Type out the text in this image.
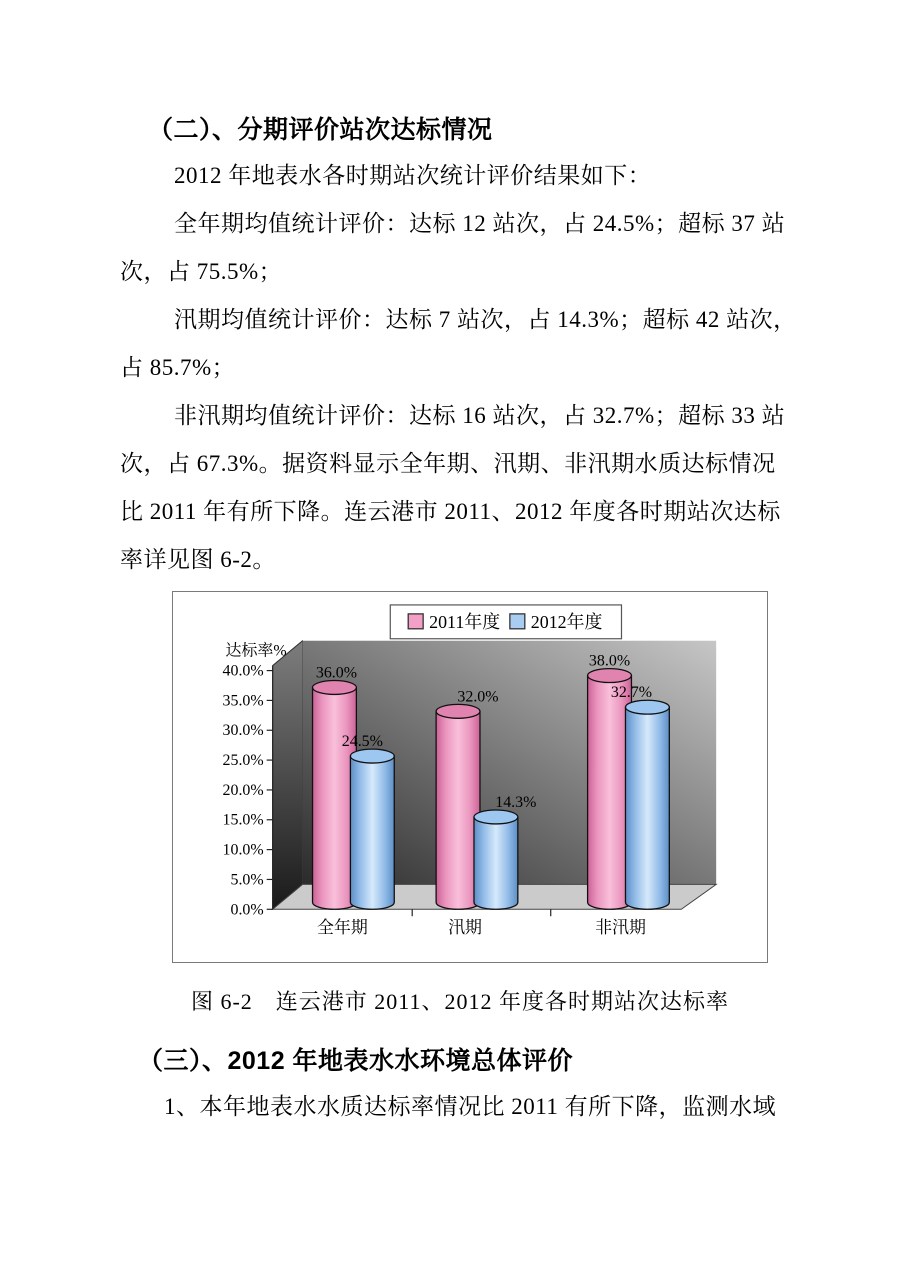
（二）、分期评价站次达标情况
2012 年地表水各时期站次统计评价结果如下：
全年期均值统计评价：达标 12 站次，占 24.5%；超标 37 站
次，占 75.5%；
汛期均值统计评价：达标 7 站次，占 14.3%；超标 42 站次，
占 85.7%；
非汛期均值统计评价：达标 16 站次，占 32.7%；超标 33 站
次，占 67.3%。据资料显示全年期、汛期、非汛期水质达标情况
比 2011 年有所下降。连云港市 2011、2012 年度各时期站次达标
率详见图 6-2。
0.0%
5.0%
10.0%
15.0%
20.0%
25.0%
30.0%
35.0%
40.0%
达标率%
全年期	汛期	非汛期
36.0%
24.5%
32.0%
14.3%
38.0%
32.7%
2011年度 2012年度
图 6-2　连云港市 2011、2012 年度各时期站次达标率
（三）、2012 年地表水水环境总体评价
1、本年地表水水质达标率情况比 2011 有所下降，监测水域
